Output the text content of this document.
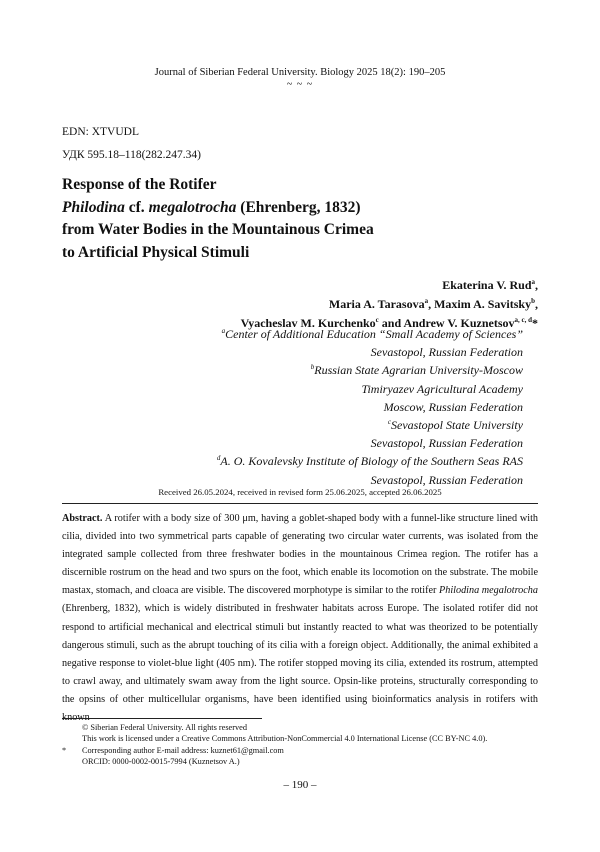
Journal of Siberian Federal University. Biology 2025 18(2): 190–205
~ ~ ~
EDN: XTVUDL
УДК 595.18–118(282.247.34)
Response of the Rotifer
Philodina cf. megalotrocha (Ehrenberg, 1832)
from Water Bodies in the Mountainous Crimea
to Artificial Physical Stimuli
Ekaterina V. Rud$^a$,
Maria A. Tarasova$^a$, Maxim A. Savitsky$^b$,
Vyacheslav M. Kurchenko$^c$ and Andrew V. Kuznetsov$^{a, c, d}$*
$^a$Center of Additional Education “Small Academy of Sciences”
Sevastopol, Russian Federation
$^b$Russian State Agrarian University-Moscow
Timiryazev Agricultural Academy
Moscow, Russian Federation
$^c$Sevastopol State University
Sevastopol, Russian Federation
$^d$A. O. Kovalevsky Institute of Biology of the Southern Seas RAS
Sevastopol, Russian Federation
Received 26.05.2024, received in revised form 25.06.2025, accepted 26.06.2025
Abstract. A rotifer with a body size of 300 μm, having a goblet-shaped body with a funnel-like structure lined with cilia, divided into two symmetrical parts capable of generating two circular water currents, was isolated from the integrated sample collected from three freshwater bodies in the mountainous Crimea region. The rotifer has a discernible rostrum on the head and two spurs on the foot, which enable its locomotion on the substrate. The mobile mastax, stomach, and cloaca are visible. The discovered morphotype is similar to the rotifer Philodina megalotrocha (Ehrenberg, 1832), which is widely distributed in freshwater habitats across Europe. The isolated rotifer did not respond to artificial mechanical and electrical stimuli but instantly reacted to what was theorized to be potentially dangerous stimuli, such as the abrupt touching of its cilia with a foreign object. Additionally, the animal exhibited a negative response to violet-blue light (405 nm). The rotifer stopped moving its cilia, extended its rostrum, attempted to crawl away, and ultimately swam away from the light source. Opsin-like proteins, structurally corresponding to the opsins of other multicellular organisms, have been identified using bioinformatics analysis in rotifers with
© Siberian Federal University. All rights reserved
This work is licensed under a Creative Commons Attribution-NonCommercial 4.0 International License (CC BY-NC 4.0).
* Corresponding author E-mail address: kuznet61@gmail.com
ORCID: 0000-0002-0015-7994 (Kuznetsov A.)
– 190 –
